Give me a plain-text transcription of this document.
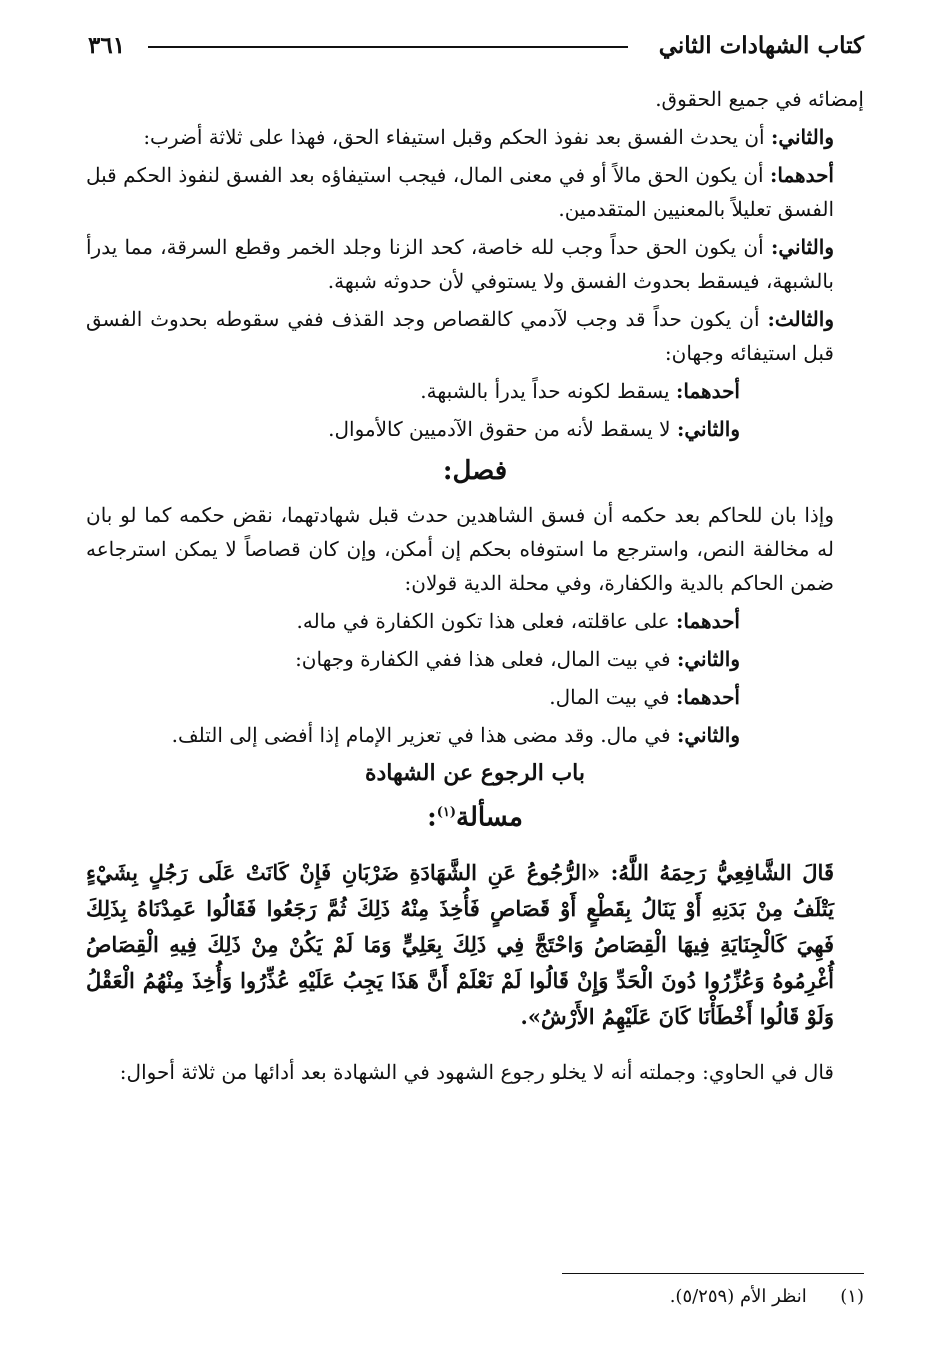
٣٦١	كتاب الشهادات الثاني

إمضائه في جميع الحقوق.

والثاني: أن يحدث الفسق بعد نفوذ الحكم وقبل استيفاء الحق، فهذا على ثلاثة أضرب:

أحدهما: أن يكون الحق مالاً أو في معنى المال، فيجب استيفاؤه بعد الفسق لنفوذ الحكم قبل الفسق تعليلاً بالمعنيين المتقدمين.

والثاني: أن يكون الحق حداً وجب لله خاصة، كحد الزنا وجلد الخمر وقطع السرقة، مما يدرأ بالشبهة، فيسقط بحدوث الفسق ولا يستوفي لأن حدوثه شبهة.

والثالث: أن يكون حداً قد وجب لآدمي كالقصاص وجد القذف ففي سقوطه بحدوث الفسق قبل استيفائه وجهان:

أحدهما: يسقط لكونه حداً يدرأ بالشبهة.

والثاني: لا يسقط لأنه من حقوق الآدميين كالأموال.

فصل:

وإذا بان للحاكم بعد حكمه أن فسق الشاهدين حدث قبل شهادتهما، نقض حكمه كما لو بان له مخالفة النص، واسترجع ما استوفاه بحكم إن أمكن، وإن كان قصاصاً لا يمكن استرجاعه ضمن الحاكم بالدية والكفارة، وفي محلة الدية قولان:

أحدهما: على عاقلته، فعلى هذا تكون الكفارة في ماله.

والثاني: في بيت المال، فعلى هذا ففي الكفارة وجهان:

أحدهما: في بيت المال.

والثاني: في مال. وقد مضى هذا في تعزير الإمام إذا أفضى إلى التلف.

باب الرجوع عن الشهادة
مسألة$^{(١)}$:

قَالَ الشَّافِعِيُّ رَحِمَهُ اللَّهُ: «الرُّجُوعُ عَنِ الشَّهَادَةِ ضَرْبَانِ فَإِنْ كَانَتْ عَلَى رَجُلٍ بِشَيْءٍ يَتْلَفُ مِنْ بَدَنِهِ أَوْ يَنَالُ بِقَطْعٍ أَوْ قَصَاصٍ فَأُخِذَ مِنْهُ ذَلِكَ ثُمَّ رَجَعُوا فَقَالُوا عَمِدْنَاهُ بِذَلِكَ فَهِيَ كَالْجِنَايَةِ فِيهَا الْقِصَاصُ وَاحْتَجَّ فِي ذَلِكَ بِعَلِيٍّ وَمَا لَمْ يَكُنْ مِنْ ذَلِكَ فِيهِ الْقِصَاصُ أُغْرِمُوهُ وَعُزِّرُوا دُونَ الْحَدِّ وَإِنْ قَالُوا لَمْ نَعْلَمْ أَنَّ هَذَا يَجِبُ عَلَيْهِ عُذِّرُوا وَأُخِذَ مِنْهُمُ الْعَقْلُ وَلَوْ قَالُوا أَخْطَأْنَا كَانَ عَلَيْهِمُ الأَرْشُ».

قال في الحاوي: وجملته أنه لا يخلو رجوع الشهود في الشهادة بعد أدائها من ثلاثة أحوال:

(١)  انظر الأم (٥/٢٥٩).
